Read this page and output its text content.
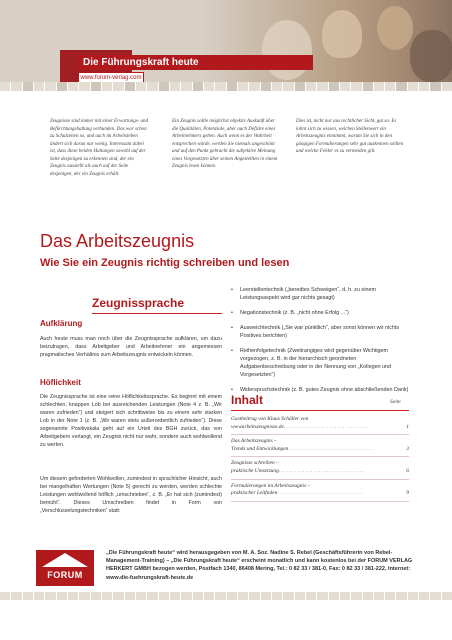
Die Führungskraft heute
www.forum-verlag.com
Zeugnisse sind immer mit einer Erwartungs- und Befürchtungshaltung verbunden. Das war schon zu Schulzeiten so, und auch im Arbeitsleben ändert sich daran nur wenig. Interessant dabei ist, dass diese beiden Haltungen sowohl auf der Seite desjenigen zu erkennen sind, der ein Zeugnis ausstellt als auch auf der Seite desjenigen, der ein Zeugnis erhält.
Ein Zeugnis sollte möglichst objektiv Auskunft über die Qualitäten, Potenziale, aber auch Defizite eines Arbeitnehmers geben. Auch wenn es der Wahrheit entsprechen würde, werden Sie niemals ungeschönt und auf den Punkt gebracht die subjektive Meinung eines Vorgesetzten über seinen Angestellten in einem Zeugnis lesen können.
Dies ist, nicht nur aus rechtlicher Sicht, gut so. Es lohnt sich zu wissen, welchen Stellenwert ein Arbeitszeugnis einnimmt, warum Sie sich in den gängigen Formulierungen sehr gut auskennen sollten und welche Fehler es zu vermeiden gilt.
Das Arbeitszeugnis
Wie Sie ein Zeugnis richtig schreiben und lesen
Zeugnissprache
Aufklärung
Auch heute muss man noch über die Zeugnissprache aufklären, um dazu beizutragen, dass Arbeitgeber und Arbeitnehmer ein angemessen pragmatisches Verhältnis zum Arbeitszeugnis entwickeln können.
Höflichkeit
Die Zeugnissprache ist eine reine Höflichkeitssprache. Es beginnt mit einem schlechten, knappen Lob bei ausreichenden Leistungen (Note 4 z. B. „Wir waren zufrieden“) und steigert sich schrittweise bis zu einem sehr starken Lob in der Note 1 (z. B. „Wir waren stets außerordentlich zufrieden“). Diese sogenannte Positivskala geht auf ein Urteil des BGH zurück, das von Arbeitgebern verlangt, ein Zeugnis nicht nur wahr, sondern auch wohlwollend zu werten.
Um diesem geforderten Wohlwollen, zumindest in sprachlicher Hinsicht, auch bei mangelhaften Wertungen (Note 5) gerecht zu werden, werden schlechte Leistungen wohlwollend höflich „umschrieben“, z. B. „Er hat sich (zumindest) bemüht“. Dieses Umschreiben findet in Form von „Verschlüsselungstechniken“ statt:
• Leerstellentechnik („beredtes Schweigen“, d. h. zu einem Leistungsaspekt wird gar nichts gesagt)
• Negationstechnik (z. B. „nicht ohne Erfolg ...“)
• Ausweichtechnik („Sie war pünktlich“, aber sonst können wir nichts Positives berichten)
• Reihenfolgetechnik (Zweitrangiges wird gegenüber Wichtigem vorgezogen, z. B. in der hierarchisch geordneten Aufgabenbeschreibung oder in der Nennung von „Kollegen und Vorgesetzten“)
• Widerspruchstechnik (z. B. gutes Zeugnis ohne abschließenden Dank)
Inhalt	Seite
Gastbeitrag von Klaus Schäller von
wwwarbeitszeugnisse.de . . . . . . . . . . . . . . . . . . . . . . . . . . . . . . . .	1
Das Arbeitszeugnis –
Trends und Entwicklungen . . . . . . . . . . . . . . . . . . . . . . . . . . . . . . . .	3
Zeugnisse schreiben –
praktische Umsetzung . . . . . . . . . . . . . . . . . . . . . . . . . . . . . . . .	6
Formulierungen im Arbeitszeugnis –
praktischer Leitfaden . . . . . . . . . . . . . . . . . . . . . . . . . . . . . . . .	9
FORUM
„Die Führungskraft heute“ wird herausgegeben von M. A. Soz. Nadine S. Rebel (Geschäftsführerin von Rebel-Management-Training) – „Die Führungskraft heute“ erscheint monatlich und kann kostenlos bei der FORUM VERLAG HERKERT GMBH bezogen werden, Postfach 1340, 86408 Mering, Tel.: 0 82 33 / 381-0, Fax: 0 82 33 / 381-222, Internet: www.die-fuehrungskraft-heute.de
